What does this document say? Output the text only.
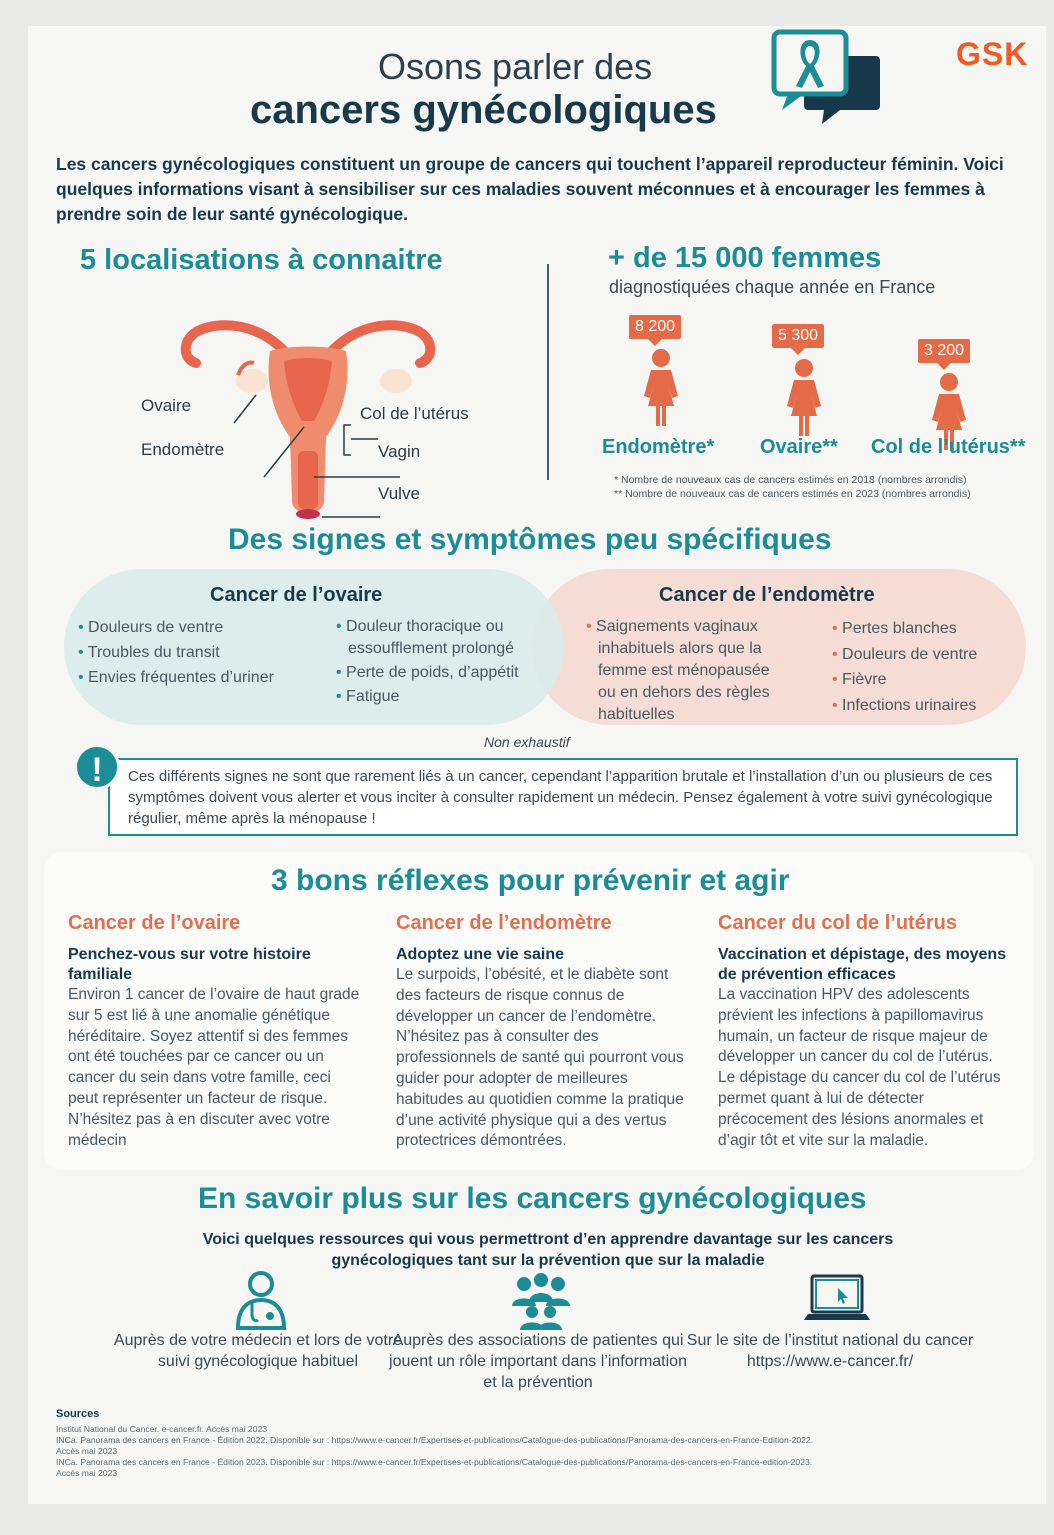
Osons parler des
cancers gynécologiques
GSK
Les cancers gynécologiques constituent un groupe de cancers qui touchent l’appareil reproducteur féminin. Voici quelques informations visant à sensibiliser sur ces maladies souvent méconnues et à encourager les femmes à prendre soin de leur santé gynécologique.
5 localisations à connaitre
Ovaire
Endomètre
Col de l’utérus
Vagin
Vulve
+ de 15 000 femmes
diagnostiquées chaque année en France
8 200
5 300
3 200
Endomètre* Ovaire** Col de l’utérus**
* Nombre de nouveaux cas de cancers estimés en 2018 (nombres arrondis)
** Nombre de nouveaux cas de cancers estimés en 2023 (nombres arrondis)
Des signes et symptômes peu spécifiques
Cancer de l’ovaire
• Douleurs de ventre
• Troubles du transit
• Envies fréquentes d’uriner
• Douleur thoracique ou essoufflement prolongé
• Perte de poids, d’appétit
• Fatigue
Cancer de l’endomètre
• Saignements vaginaux inhabituels alors que la femme est ménopausée ou en dehors des règles habituelles
• Pertes blanches
• Douleurs de ventre
• Fièvre
• Infections urinaires
Non exhaustif
!	Ces différents signes ne sont que rarement liés à un cancer, cependant l’apparition brutale et l’installation d’un ou plusieurs de ces symptômes doivent vous alerter et vous inciter à consulter rapidement un médecin. Pensez également à votre suivi gynécologique régulier, même après la ménopause !
3 bons réflexes pour prévenir et agir
Cancer de l’ovaire
Penchez-vous sur votre histoire familiale
Environ 1 cancer de l’ovaire de haut grade sur 5 est lié à une anomalie génétique héréditaire. Soyez attentif si des femmes ont été touchées par ce cancer ou un cancer du sein dans votre famille, ceci peut représenter un facteur de risque. N’hésitez pas à en discuter avec votre médecin
Cancer de l’endomètre
Adoptez une vie saine
Le surpoids, l’obésité, et le diabète sont des facteurs de risque connus de développer un cancer de l’endomètre. N’hésitez pas à consulter des professionnels de santé qui pourront vous guider pour adopter de meilleures habitudes au quotidien comme la pratique d’une activité physique qui a des vertus protectrices démontrées.
Cancer du col de l’utérus
Vaccination et dépistage, des moyens de prévention efficaces
La vaccination HPV des adolescents prévient les infections à papillomavirus humain, un facteur de risque majeur de développer un cancer du col de l’utérus. Le dépistage du cancer du col de l’utérus permet quant à lui de détecter précocement des lésions anormales et d’agir tôt et vite sur la maladie.
En savoir plus sur les cancers gynécologiques
Voici quelques ressources qui vous permettront d’en apprendre davantage sur les cancers gynécologiques tant sur la prévention que sur la maladie
Auprès de votre médecin et lors de votre suivi gynécologique habituel
Auprès des associations de patientes qui jouent un rôle important dans l’information et la prévention
Sur le site de l’institut national du cancer https://www.e-cancer.fr/
Sources
Institut National du Cancer. e-cancer.fr. Accès mai 2023
INCa. Panorama des cancers en France - Édition 2022. Disponible sur : https://www.e-cancer.fr/Expertises-et-publications/Catalogue-des-publications/Panorama-des-cancers-en-France-Edition-2022.
Accès mai 2023
INCa. Panorama des cancers en France - Édition 2023. Disponible sur : https://www.e-cancer.fr/Expertises-et-publications/Catalogue-des-publications/Panorama-des-cancers-en-France-edition-2023.
Accès mai 2023
